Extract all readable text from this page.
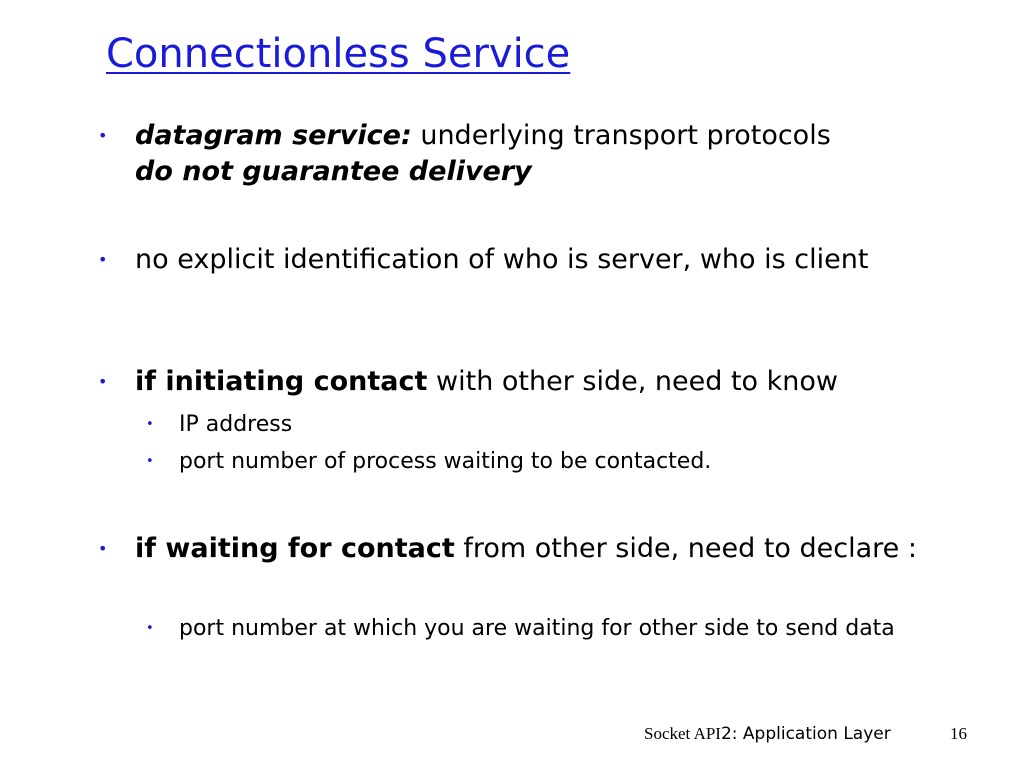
Connectionless Service
• datagram service: underlying transport protocols
do not guarantee delivery
• no explicit identification of who is server, who is client
• if initiating contact with other side, need to know
• IP address
• port number of process waiting to be contacted.
• if waiting for contact from other side, need to declare :
• port number at which you are waiting for other side to send data
Socket API2: Application Layer	16
